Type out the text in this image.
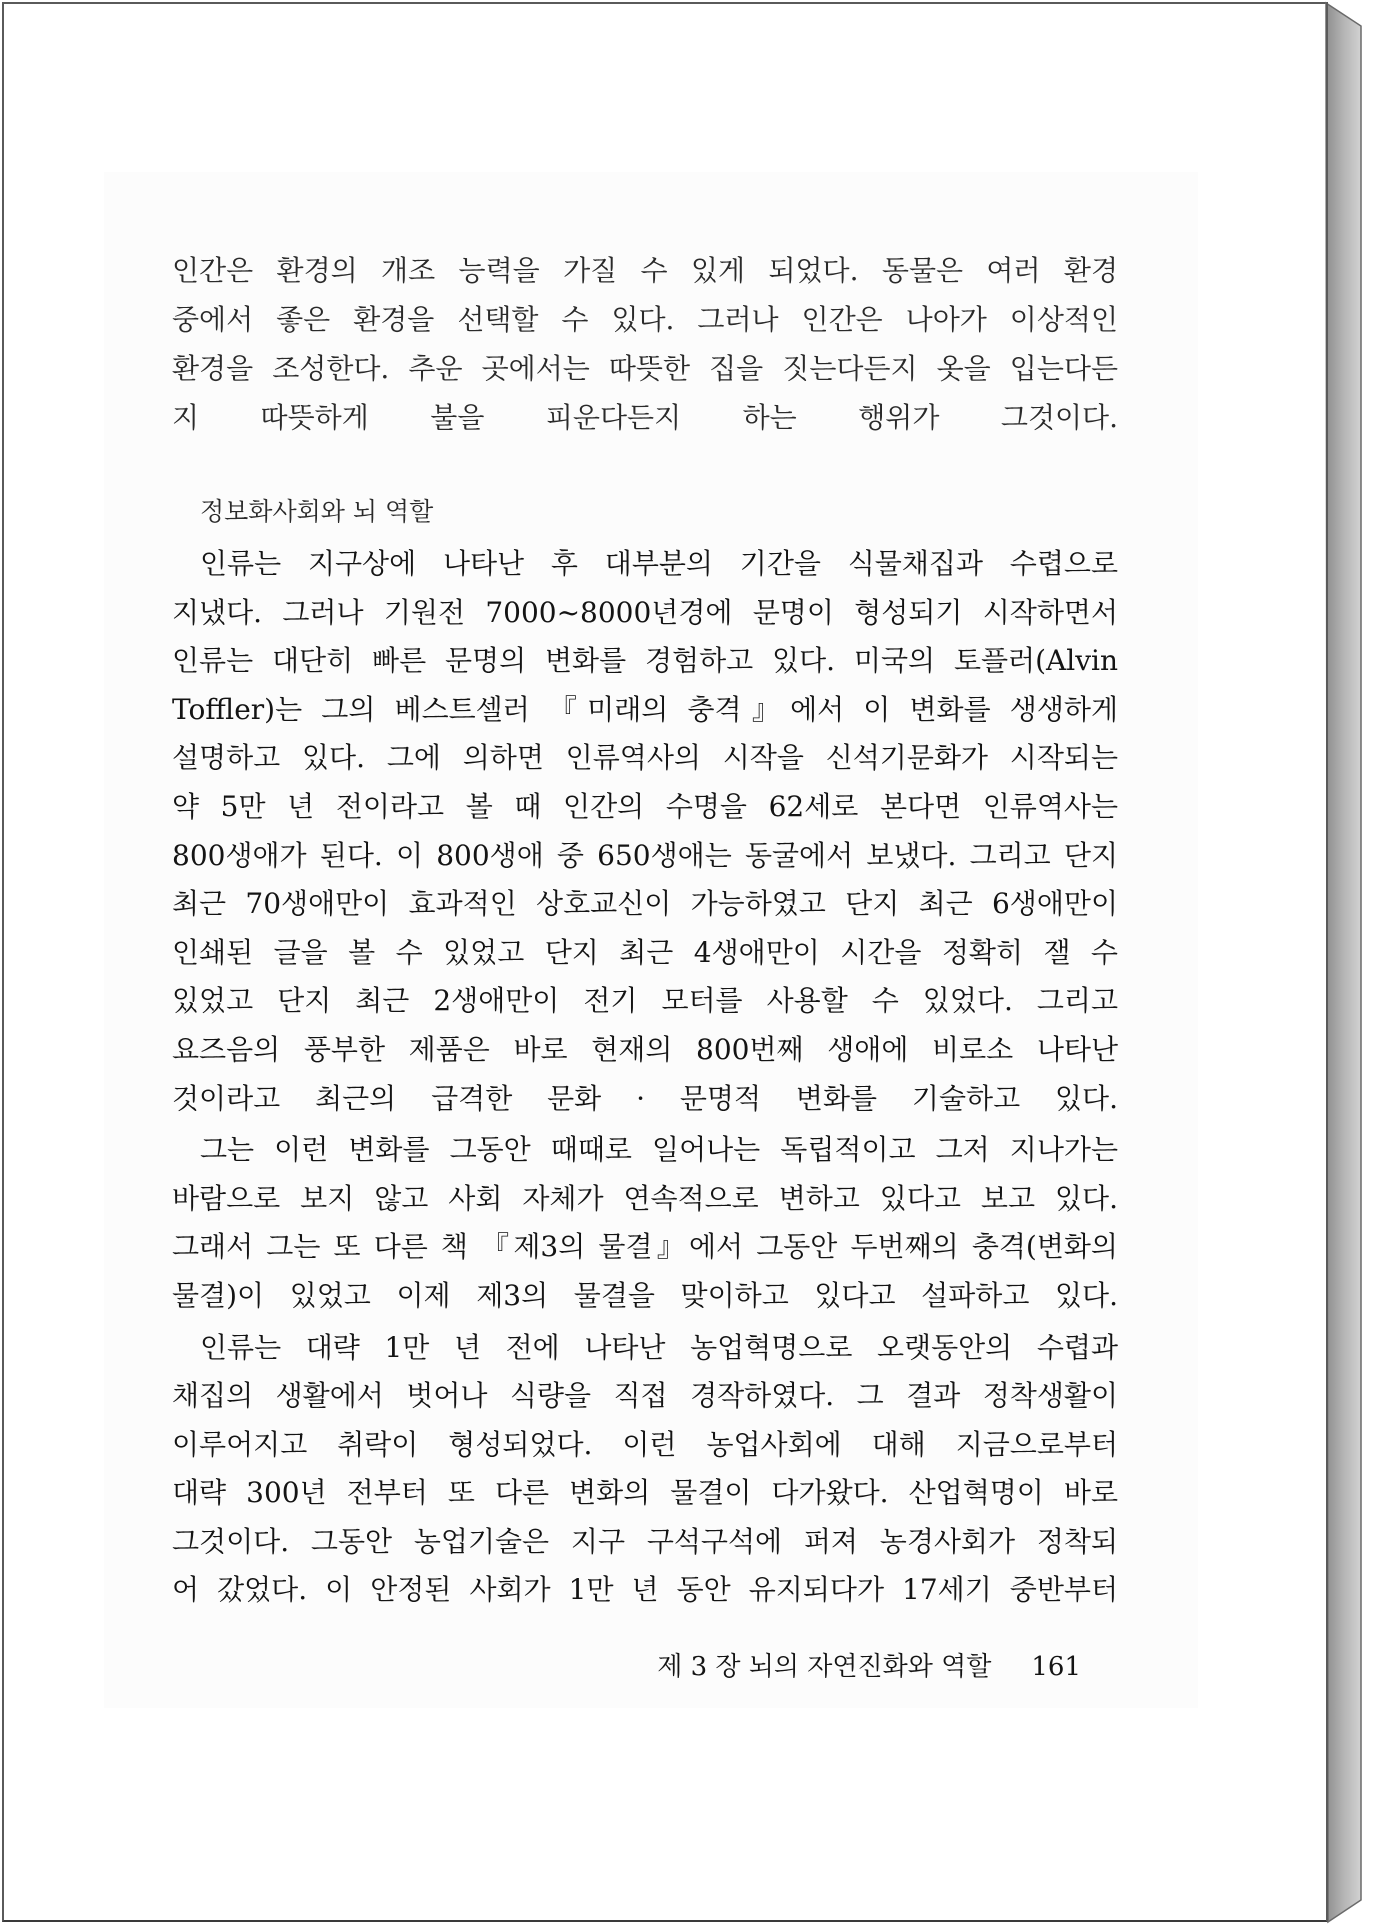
인간은 환경의 개조 능력을 가질 수 있게 되었다. 동물은 여러 환경
중에서 좋은 환경을 선택할 수 있다. 그러나 인간은 나아가 이상적인
환경을 조성한다. 추운 곳에서는 따뜻한 집을 짓는다든지 옷을 입는다든
지 따뜻하게 불을 피운다든지 하는 행위가 그것이다.
정보화사회와 뇌 역할
인류는 지구상에 나타난 후 대부분의 기간을 식물채집과 수렵으로
지냈다. 그러나 기원전 7000~8000년경에 문명이 형성되기 시작하면서
인류는 대단히 빠른 문명의 변화를 경험하고 있다. 미국의 토플러(Alvin
Toffler)는 그의 베스트셀러 『미래의 충격』에서 이 변화를 생생하게
설명하고 있다. 그에 의하면 인류역사의 시작을 신석기문화가 시작되는
약 5만 년 전이라고 볼 때 인간의 수명을 62세로 본다면 인류역사는
800생애가 된다. 이 800생애 중 650생애는 동굴에서 보냈다. 그리고 단지
최근 70생애만이 효과적인 상호교신이 가능하였고 단지 최근 6생애만이
인쇄된 글을 볼 수 있었고 단지 최근 4생애만이 시간을 정확히 잴 수
있었고 단지 최근 2생애만이 전기 모터를 사용할 수 있었다. 그리고
요즈음의 풍부한 제품은 바로 현재의 800번째 생애에 비로소 나타난
것이라고 최근의 급격한 문화 · 문명적 변화를 기술하고 있다.
그는 이런 변화를 그동안 때때로 일어나는 독립적이고 그저 지나가는
바람으로 보지 않고 사회 자체가 연속적으로 변하고 있다고 보고 있다.
그래서 그는 또 다른 책 『제3의 물결』에서 그동안 두번째의 충격(변화의
물결)이 있었고 이제 제3의 물결을 맞이하고 있다고 설파하고 있다.
인류는 대략 1만 년 전에 나타난 농업혁명으로 오랫동안의 수렵과
채집의 생활에서 벗어나 식량을 직접 경작하였다. 그 결과 정착생활이
이루어지고 취락이 형성되었다. 이런 농업사회에 대해 지금으로부터
대략 300년 전부터 또 다른 변화의 물결이 다가왔다. 산업혁명이 바로
그것이다. 그동안 농업기술은 지구 구석구석에 퍼져 농경사회가 정착되
어 갔었다. 이 안정된 사회가 1만 년 동안 유지되다가 17세기 중반부터
제 3 장 뇌의 자연진화와 역할 161
